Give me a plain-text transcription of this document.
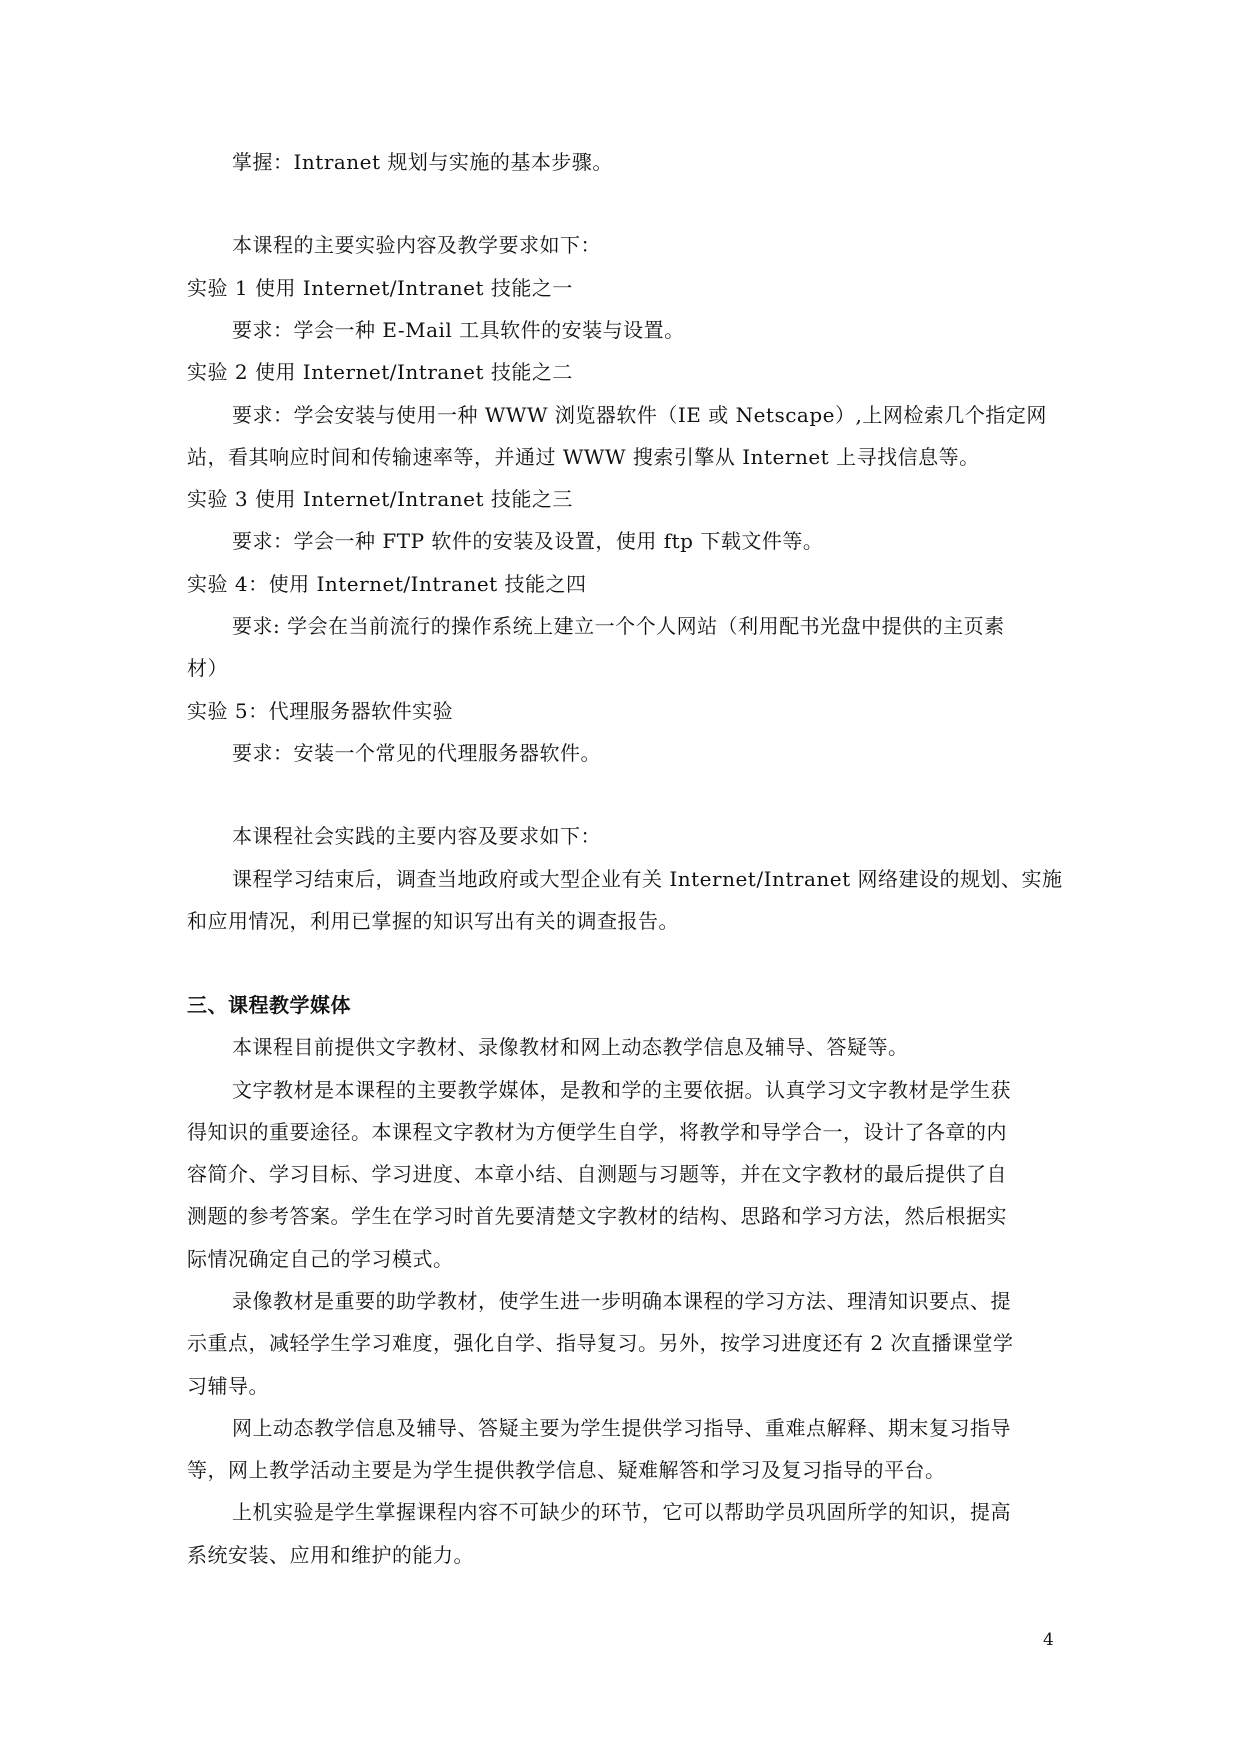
掌握：Intranet 规划与实施的基本步骤。
本课程的主要实验内容及教学要求如下：
实验 1 使用 Internet/Intranet 技能之一
要求：学会一种 E-Mail 工具软件的安装与设置。
实验 2 使用 Internet/Intranet 技能之二
要求：学会安装与使用一种 WWW 浏览器软件（IE 或 Netscape）,上网检索几个指定网
站，看其响应时间和传输速率等，并通过 WWW 搜索引擎从 Internet 上寻找信息等。
实验 3 使用 Internet/Intranet 技能之三
要求：学会一种 FTP 软件的安装及设置，使用 ftp 下载文件等。
实验 4：使用 Internet/Intranet 技能之四
要求: 学会在当前流行的操作系统上建立一个个人网站（利用配书光盘中提供的主页素
材）
实验 5：代理服务器软件实验
要求：安装一个常见的代理服务器软件。
本课程社会实践的主要内容及要求如下：
课程学习结束后，调查当地政府或大型企业有关 Internet/Intranet 网络建设的规划、实施
和应用情况，利用已掌握的知识写出有关的调查报告。
三、课程教学媒体
本课程目前提供文字教材、录像教材和网上动态教学信息及辅导、答疑等。
文字教材是本课程的主要教学媒体，是教和学的主要依据。认真学习文字教材是学生获
得知识的重要途径。本课程文字教材为方便学生自学，将教学和导学合一，设计了各章的内
容简介、学习目标、学习进度、本章小结、自测题与习题等，并在文字教材的最后提供了自
测题的参考答案。学生在学习时首先要清楚文字教材的结构、思路和学习方法，然后根据实
际情况确定自己的学习模式。
录像教材是重要的助学教材，使学生进一步明确本课程的学习方法、理清知识要点、提
示重点，减轻学生学习难度，强化自学、指导复习。另外，按学习进度还有 2 次直播课堂学
习辅导。
网上动态教学信息及辅导、答疑主要为学生提供学习指导、重难点解释、期末复习指导
等，网上教学活动主要是为学生提供教学信息、疑难解答和学习及复习指导的平台。
上机实验是学生掌握课程内容不可缺少的环节，它可以帮助学员巩固所学的知识，提高
系统安装、应用和维护的能力。
4
